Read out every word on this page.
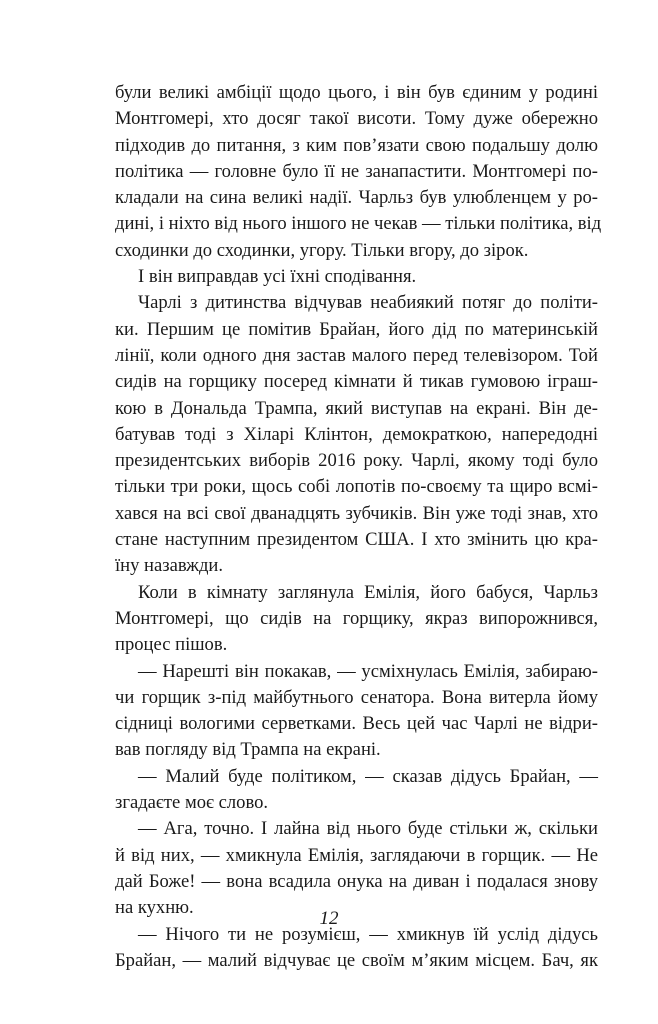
були великі амбіції щодо цього, і він був єдиним у родині
Монтгомері, хто досяг такої висоти. Тому дуже обережно
підходив до питання, з ким пов’язати свою подальшу долю
політика — головне було її не занапастити. Монтгомері по-
кладали на сина великі надії. Чарльз був улюбленцем у ро-
дині, і ніхто від нього іншого не чекав — тільки політика, від
сходинки до сходинки, угору. Тільки вгору, до зірок.
І він виправдав усі їхні сподівання.
Чарлі з дитинства відчував неабиякий потяг до політи-
ки. Першим це помітив Брайан, його дід по материнській
лінії, коли одного дня застав малого перед телевізором. Той
сидів на горщику посеред кімнати й тикав гумовою іграш-
кою в Дональда Трампа, який виступав на екрані. Він де-
батував тоді з Хіларі Клінтон, демократкою, напередодні
президентських виборів 2016 року. Чарлі, якому тоді було
тільки три роки, щось собі лопотів по-своєму та щиро всмі-
хався на всі свої дванадцять зубчиків. Він уже тоді знав, хто
стане наступним президентом США. І хто змінить цю кра-
їну назавжди.
Коли в кімнату заглянула Емілія, його бабуся, Чарльз
Монтгомері, що сидів на горщику, якраз випорожнився,
процес пішов.
— Нарешті він покакав, — усміхнулась Емілія, забираю-
чи горщик з-під майбутнього сенатора. Вона витерла йому
сідниці вологими серветками. Весь цей час Чарлі не відри-
вав погляду від Трампа на екрані.
— Малий буде політиком, — сказав дідусь Брайан, —
згадаєте моє слово.
— Ага, точно. І лайна від нього буде стільки ж, скільки
й від них, — хмикнула Емілія, заглядаючи в горщик. — Не
дай Боже! — вона всадила онука на диван і подалася знову
на кухню.
— Нічого ти не розумієш, — хмикнув їй услід дідусь
Брайан, — малий відчуває це своїм м’яким місцем. Бач, як
12
